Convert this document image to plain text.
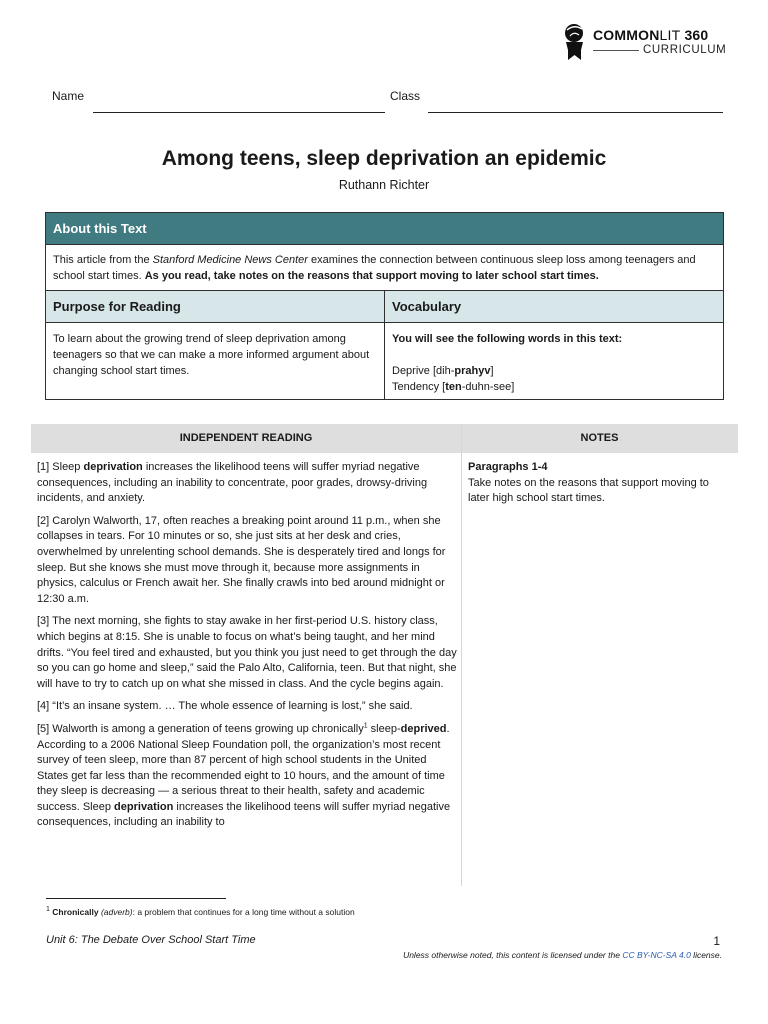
COMMONLIT 360
CURRICULUM
Name	Class
Among teens, sleep deprivation an epidemic
Ruthann Richter
About this Text
This article from the Stanford Medicine News Center examines the connection between continuous sleep loss among teenagers and school start times. As you read, take notes on the reasons that support moving to later school start times.
Purpose for Reading	Vocabulary
To learn about the growing trend of sleep deprivation among teenagers so that we can make a more informed argument about changing school start times.
You will see the following words in this text:
Deprive [dih-prahyv]
Tendency [ten-duhn-see]
INDEPENDENT READING	NOTES

[1] Sleep deprivation increases the likelihood teens will suffer myriad negative consequences, including an inability to concentrate, poor grades, drowsy-driving incidents, and anxiety.

[2] Carolyn Walworth, 17, often reaches a breaking point around 11 p.m., when she collapses in tears. For 10 minutes or so, she just sits at her desk and cries, overwhelmed by unrelenting school demands. She is desperately tired and longs for sleep. But she knows she must move through it, because more assignments in physics, calculus or French await her. She finally crawls into bed around midnight or 12:30 a.m.

[3] The next morning, she fights to stay awake in her first-period U.S. history class, which begins at 8:15. She is unable to focus on what’s being taught, and her mind drifts. “You feel tired and exhausted, but you think you just need to get through the day so you can go home and sleep,” said the Palo Alto, California, teen. But that night, she will have to try to catch up on what she missed in class. And the cycle begins again.

[4] “It’s an insane system. … The whole essence of learning is lost,” she said.

[5] Walworth is among a generation of teens growing up chronically$^1$ sleep-deprived. According to a 2006 National Sleep Foundation poll, the organization’s most recent survey of teen sleep, more than 87 percent of high school students in the United States get far less than the recommended eight to 10 hours, and the amount of time they sleep is decreasing — a serious threat to their health, safety and academic success. Sleep deprivation increases the likelihood teens will suffer myriad negative consequences, including an inability to

Paragraphs 1-4
Take notes on the reasons that support moving to later high school start times.
$^1$ Chronically (adverb): a problem that continues for a long time without a solution
Unit 6: The Debate Over School Start Time	1
Unless otherwise noted, this content is licensed under the CC BY-NC-SA 4.0 license.
